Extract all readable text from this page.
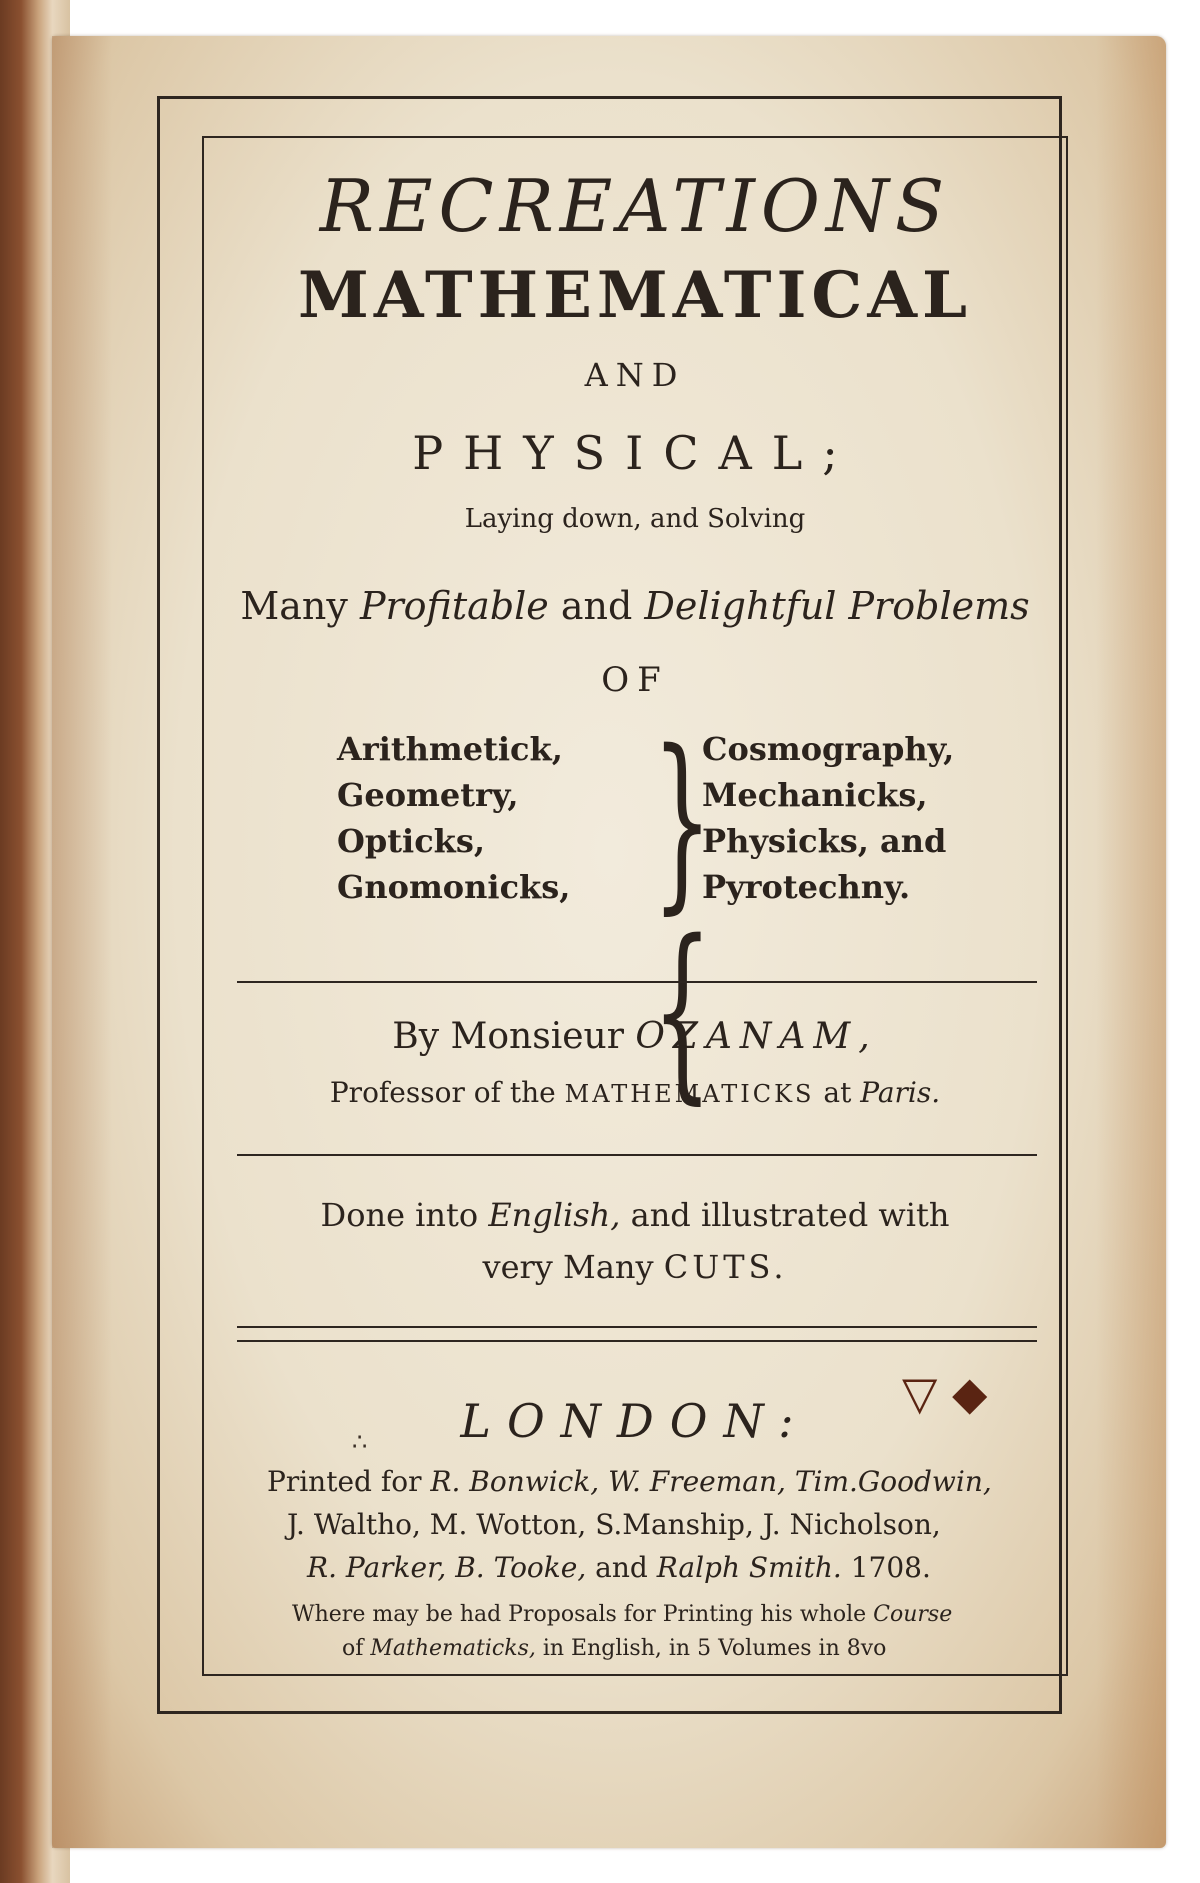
RECREATIONS
MATHEMATICAL
AND
PHYSICAL;
Laying down, and Solving
Many Profitable and Delightful Problems
OF
Arithmetick,
Geometry,
Opticks,
Gnomonicks, }{
Cosmography,
Mechanicks,
Physicks, and
Pyrotechny.
By Monsieur OZANAM,
Professor of the MATHEMATICKS at Paris.
Done into English, and illustrated with
very Many CUTS.
▽ ◆
∴	LONDON:
Printed for R. Bonwick, W. Freeman, Tim.Goodwin,
J. Waltho, M. Wotton, S.Manship, J. Nicholson,
R. Parker, B. Tooke, and Ralph Smith. 1708.
Where may be had Proposals for Printing his whole Course
of Mathematicks, in English, in 5 Volumes in 8vo
